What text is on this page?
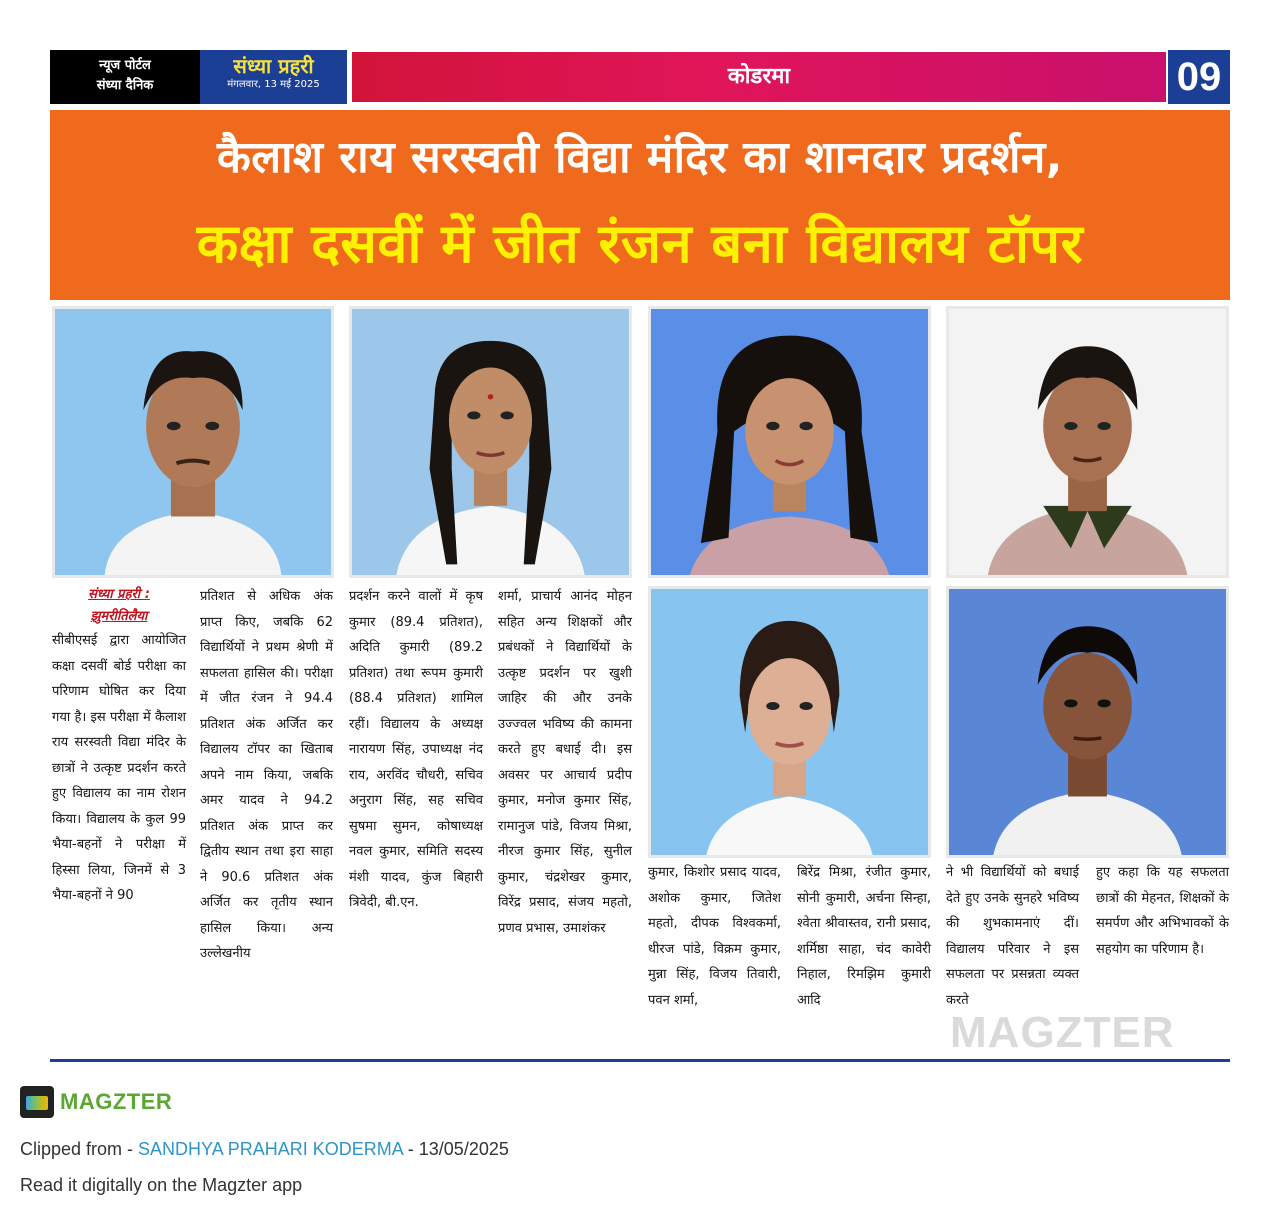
न्यूज पोर्टल
संध्या दैनिक
संध्या प्रहरी
मंगलवार, 13 मई 2025	कोडरमा	09
कैलाश राय सरस्वती विद्या मंदिर का शानदार प्रदर्शन,
कक्षा दसवीं में जीत रंजन बना विद्यालय टॉपर
संध्या प्रहरी :
झुमरीतिलैया
सीबीएसई द्वारा आयोजित कक्षा दसवीं बोर्ड परीक्षा का परिणाम घोषित कर दिया गया है। इस परीक्षा में कैलाश राय सरस्वती विद्या मंदिर के छात्रों ने उत्कृष्ट प्रदर्शन करते हुए विद्यालय का नाम रोशन किया। विद्यालय के कुल 99 भैया-बहनों ने परीक्षा में हिस्सा लिया, जिनमें से 3 भैया-बहनों ने 90
प्रतिशत से अधिक अंक प्राप्त किए, जबकि 62 विद्यार्थियों ने प्रथम श्रेणी में सफलता हासिल की। परीक्षा में जीत रंजन ने 94.4 प्रतिशत अंक अर्जित कर विद्यालय टॉपर का खिताब अपने नाम किया, जबकि अमर यादव ने 94.2 प्रतिशत अंक प्राप्त कर द्वितीय स्थान तथा इरा साहा ने 90.6 प्रतिशत अंक अर्जित कर तृतीय स्थान हासिल किया। अन्य उल्लेखनीय
प्रदर्शन करने वालों में कृष कुमार (89.4 प्रतिशत), अदिति कुमारी (89.2 प्रतिशत) तथा रूपम कुमारी (88.4 प्रतिशत) शामिल रहीं। विद्यालय के अध्यक्ष नारायण सिंह, उपाध्यक्ष नंद राय, अरविंद चौधरी, सचिव अनुराग सिंह, सह सचिव सुषमा सुमन, कोषाध्यक्ष नवल कुमार, समिति सदस्य मंशी यादव, कुंज बिहारी त्रिवेदी, बी.एन.
शर्मा, प्राचार्य आनंद मोहन सहित अन्य शिक्षकों और प्रबंधकों ने विद्यार्थियों के उत्कृष्ट प्रदर्शन पर खुशी जाहिर की और उनके उज्ज्वल भविष्य की कामना करते हुए बधाई दी। इस अवसर पर आचार्य प्रदीप कुमार, मनोज कुमार सिंह, रामानुज पांडे, विजय मिश्रा, नीरज कुमार सिंह, सुनील कुमार, चंद्रशेखर कुमार, विरेंद्र प्रसाद, संजय महतो, प्रणव प्रभास, उमाशंकर
कुमार, किशोर प्रसाद यादव, अशोक कुमार, जितेश महतो, दीपक विश्वकर्मा, धीरज पांडे, विक्रम कुमार, मुन्ना सिंह, विजय तिवारी, पवन शर्मा,
बिरेंद्र मिश्रा, रंजीत कुमार, सोनी कुमारी, अर्चना सिन्हा, श्वेता श्रीवास्तव, रानी प्रसाद, शर्मिष्ठा साहा, चंद कावेरी निहाल, रिमझिम कुमारी आदि
ने भी विद्यार्थियों को बधाई देते हुए उनके सुनहरे भविष्य की शुभकामनाएं दीं। विद्यालय परिवार ने इस सफलता पर प्रसन्नता व्यक्त करते
हुए कहा कि यह सफलता छात्रों की मेहनत, शिक्षकों के समर्पण और अभिभावकों के सहयोग का परिणाम है।
MAGZTER
MAGZTER
Clipped from - SANDHYA PRAHARI KODERMA - 13/05/2025
Read it digitally on the Magzter app
